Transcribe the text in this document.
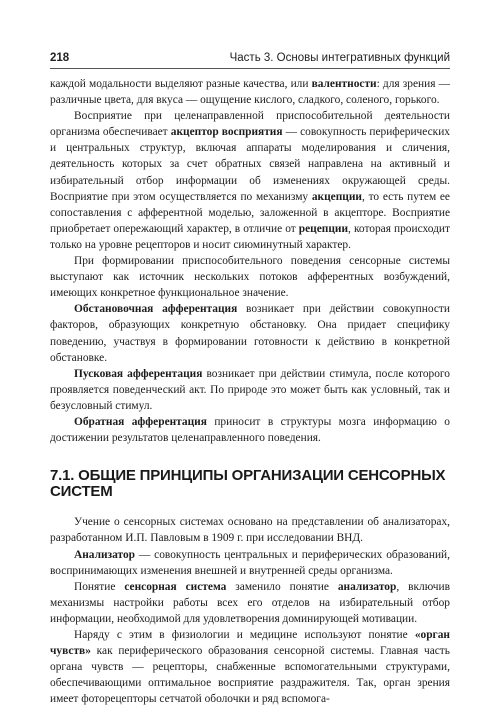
218	Часть 3. Основы интегративных функций

каждой модальности выделяют разные качества, или валентности: для зрения — различные цвета, для вкуса — ощущение кислого, сладкого, соленого, горького.

Восприятие при целенаправленной приспособительной деятельности организма обеспечивает акцептор восприятия — совокупность периферических и центральных структур, включая аппараты моделирования и сличения, деятельность которых за счет обратных связей направлена на активный и избирательный отбор информации об изменениях окружающей среды. Восприятие при этом осуществляется по механизму акцепции, то есть путем ее сопоставления с афферентной моделью, заложенной в акцепторе. Восприятие приобретает опережающий характер, в отличие от рецепции, которая происходит только на уровне рецепторов и носит сиюминутный характер.

При формировании приспособительного поведения сенсорные системы выступают как источник нескольких потоков афферентных возбуждений, имеющих конкретное функциональное значение.

Обстановочная афферентация возникает при действии совокупности факторов, образующих конкретную обстановку. Она придает специфику поведению, участвуя в формировании готовности к действию в конкретной обстановке.

Пусковая афферентация возникает при действии стимула, после которого проявляется поведенческий акт. По природе это может быть как условный, так и безусловный стимул.

Обратная афферентация приносит в структуры мозга информацию о достижении результатов целенаправленного поведения.

7.1. ОБЩИЕ ПРИНЦИПЫ ОРГАНИЗАЦИИ СЕНСОРНЫХ СИСТЕМ

Учение о сенсорных системах основано на представлении об анализаторах, разработанном И.П. Павловым в 1909 г. при исследовании ВНД.

Анализатор — совокупность центральных и периферических образований, воспринимающих изменения внешней и внутренней среды организма.

Понятие сенсорная система заменило понятие анализатор, включив механизмы настройки работы всех его отделов на избирательный отбор информации, необходимой для удовлетворения доминирующей мотивации.

Наряду с этим в физиологии и медицине используют понятие «орган чувств» как периферического образования сенсорной системы. Главная часть органа чувств — рецепторы, снабженные вспомогательными структурами, обеспечивающими оптимальное восприятие раздражителя. Так, орган зрения имеет фоторецепторы сетчатой оболочки и ряд вспомога-
